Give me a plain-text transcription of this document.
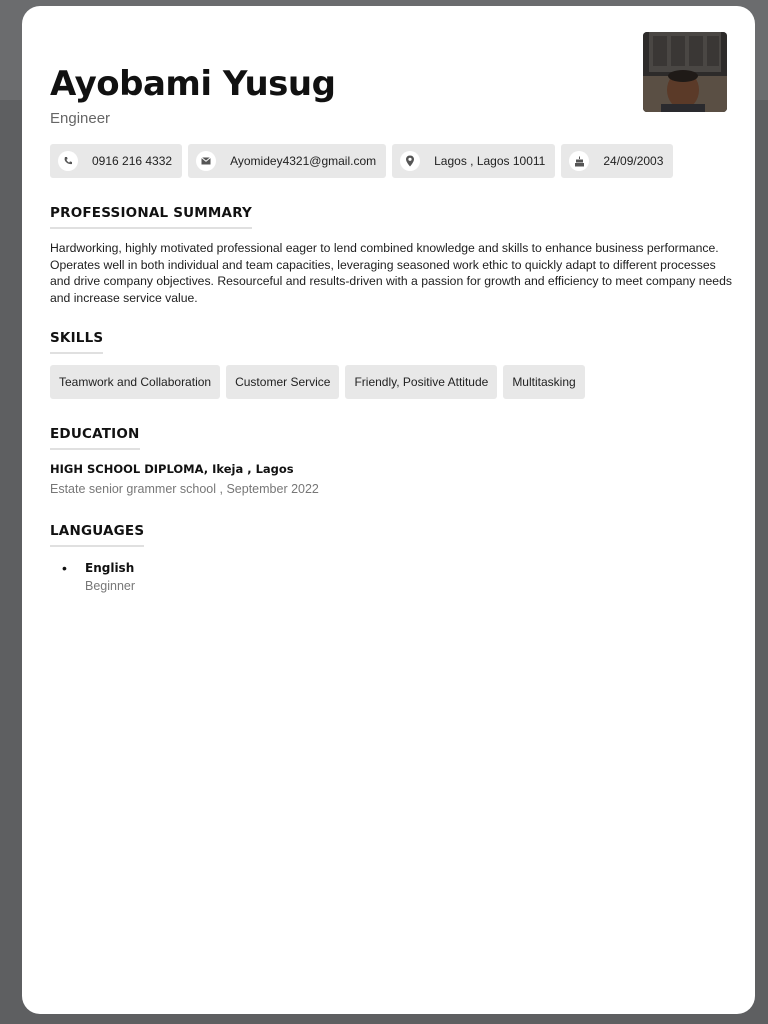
Ayobami Yusug
Engineer
0916 216 4332	Ayomidey4321@gmail.com	Lagos , Lagos 10011	24/09/2003
PROFESSIONAL SUMMARY
Hardworking, highly motivated professional eager to lend combined knowledge and skills to enhance business performance. Operates well in both individual and team capacities, leveraging seasoned work ethic to quickly adapt to different processes and drive company objectives. Resourceful and results-driven with a passion for growth and efficiency to meet company needs and increase service value.
SKILLS
Teamwork and Collaboration	Customer Service	Friendly, Positive Attitude	Multitasking
EDUCATION
HIGH SCHOOL DIPLOMA, Ikeja , Lagos
Estate senior grammer school , September 2022
LANGUAGES
•	English
Beginner
